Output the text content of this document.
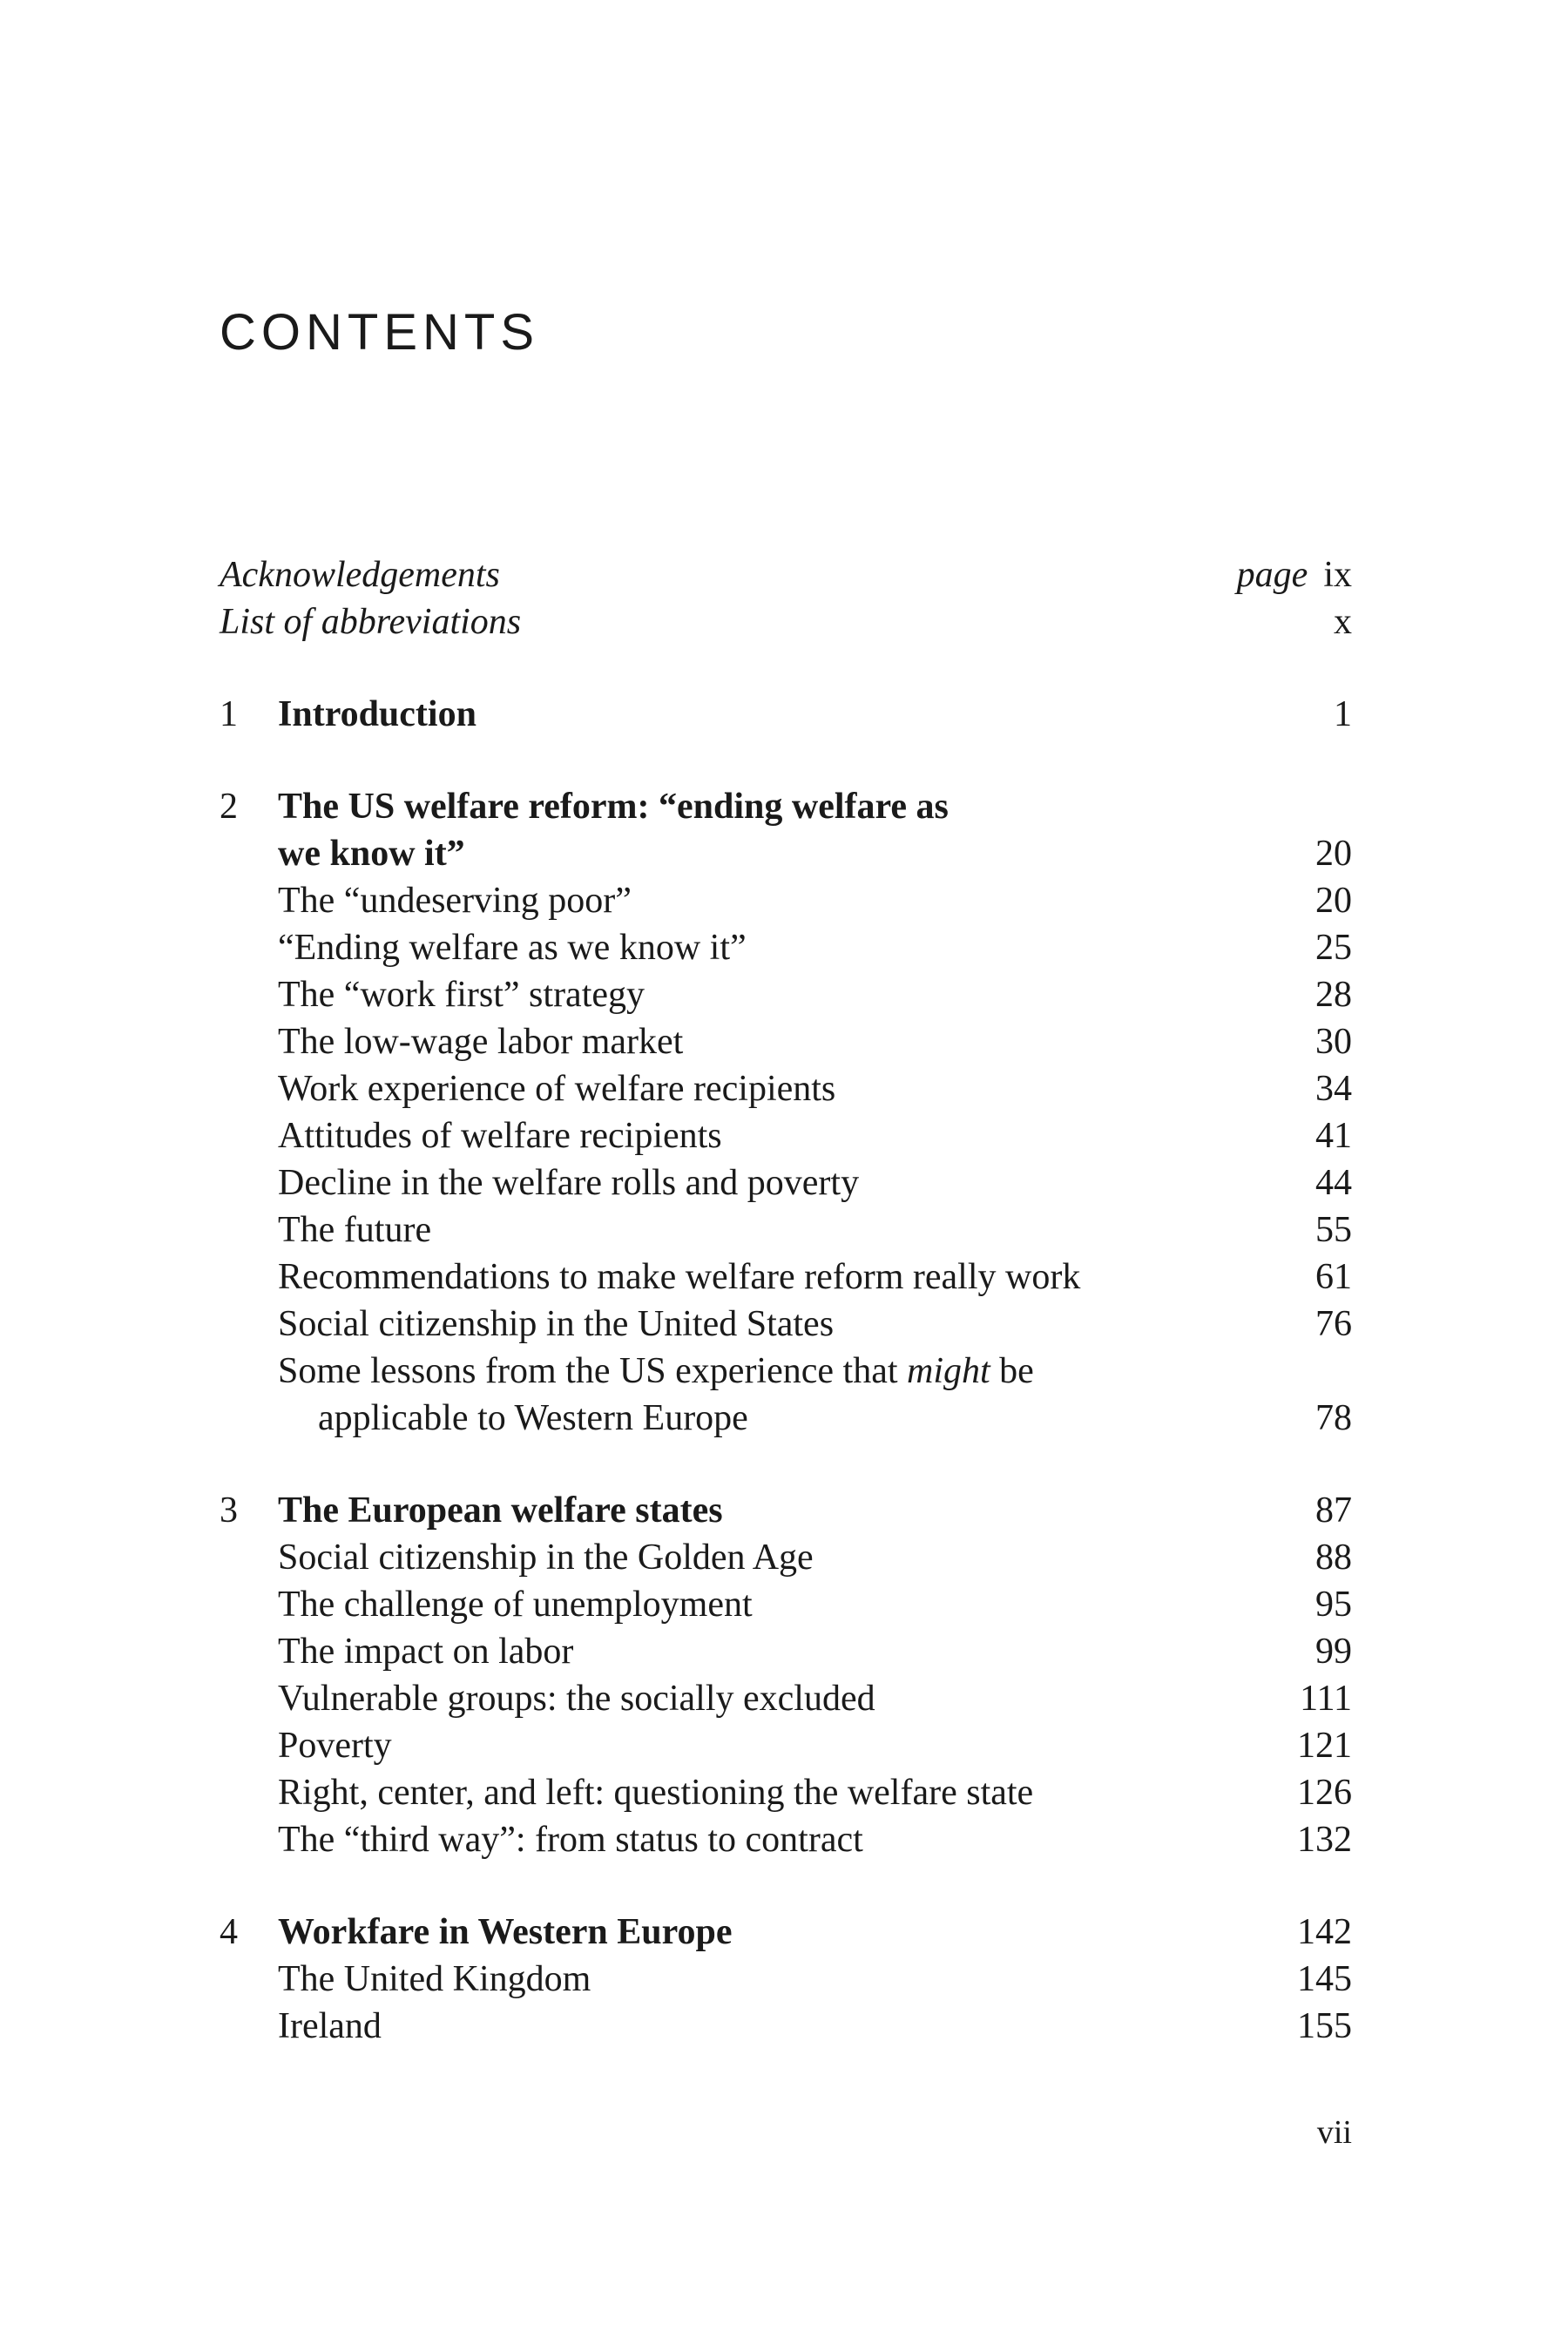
CONTENTS
Acknowledgements	page ix
List of abbreviations	x
1	Introduction	1
2	The US welfare reform: “ending welfare as
we know it”	20
The “undeserving poor”	20
“Ending welfare as we know it”	25
The “work first” strategy	28
The low-wage labor market	30
Work experience of welfare recipients	34
Attitudes of welfare recipients	41
Decline in the welfare rolls and poverty	44
The future	55
Recommendations to make welfare reform really work	61
Social citizenship in the United States	76
Some lessons from the US experience that might be
applicable to Western Europe	78
3	The European welfare states	87
Social citizenship in the Golden Age	88
The challenge of unemployment	95
The impact on labor	99
Vulnerable groups: the socially excluded	111
Poverty	121
Right, center, and left: questioning the welfare state	126
The “third way”: from status to contract	132
4	Workfare in Western Europe	142
The United Kingdom	145
Ireland	155
vii
